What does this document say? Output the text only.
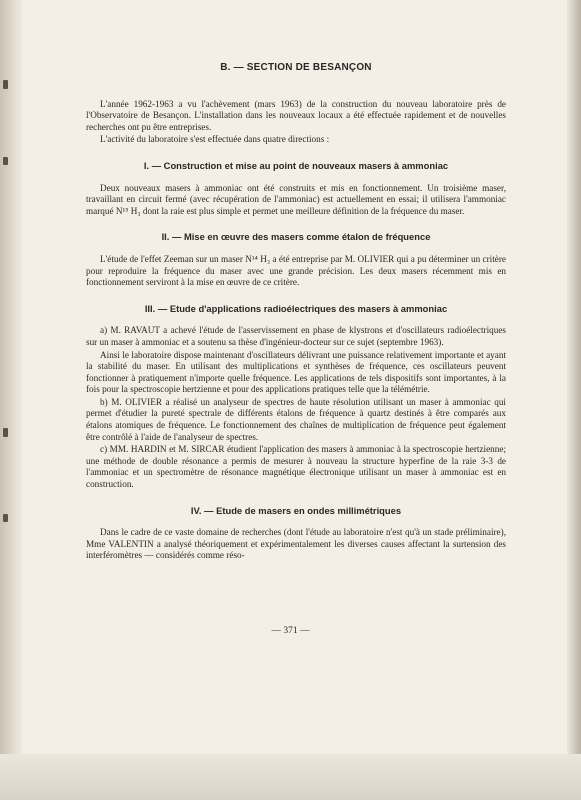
B. — SECTION DE BESANÇON

L'année 1962-1963 a vu l'achèvement (mars 1963) de la construction du nouveau laboratoire près de l'Observatoire de Besançon. L'installation dans les nouveaux locaux a été effectuée rapidement et de nouvelles recherches ont pu être entreprises.

L'activité du laboratoire s'est effectuée dans quatre directions :

I. — Construction et mise au point de nouveaux masers à ammoniac

Deux nouveaux masers à ammoniac ont été construits et mis en fonctionnement. Un troisième maser, travaillant en circuit fermé (avec récupération de l'ammoniac) est actuellement en essai; il utilisera l'ammoniac marqué N¹⁵ H₃ dont la raie est plus simple et permet une meilleure définition de la fréquence du maser.

II. — Mise en œuvre des masers comme étalon de fréquence

L'étude de l'effet Zeeman sur un maser N¹⁴ H₃ a été entreprise par M. OLIVIER qui a pu déterminer un critère pour reproduire la fréquence du maser avec une grande précision. Les deux masers récemment mis en fonctionnement serviront à la mise en œuvre de ce critère.

III. — Etude d'applications radioélectriques des masers à ammoniac

a) M. RAVAUT a achevé l'étude de l'asservissement en phase de klystrons et d'oscillateurs radioélectriques sur un maser à ammoniac et a soutenu sa thèse d'ingénieur-docteur sur ce sujet (septembre 1963).

Ainsi le laboratoire dispose maintenant d'oscillateurs délivrant une puissance relativement importante et ayant la stabilité du maser. En utilisant des multiplications et synthèses de fréquence, ces oscillateurs peuvent fonctionner à pratiquement n'importe quelle fréquence. Les applications de tels dispositifs sont importantes, à la fois pour la spectroscopie hertzienne et pour des applications pratiques telle que la télémétrie.

b) M. OLIVIER a réalisé un analyseur de spectres de haute résolution utilisant un maser à ammoniac qui permet d'étudier la pureté spectrale de différents étalons de fréquence à quartz destinés à être comparés aux étalons atomiques de fréquence. Le fonctionnement des chaînes de multiplication de fréquence peut également être contrôlé à l'aide de l'analyseur de spectres.

c) MM. HARDIN et M. SIRCAR étudient l'application des masers à ammoniac à la spectroscopie hertzienne; une méthode de double résonance a permis de mesurer à nouveau la structure hyperfine de la raie 3-3 de l'ammoniac et un spectromètre de résonance magnétique électronique utilisant un maser à ammoniac est en construction.

IV. — Etude de masers en ondes millimétriques

Dans le cadre de ce vaste domaine de recherches (dont l'étude au laboratoire n'est qu'à un stade préliminaire), Mme VALENTIN a analysé théoriquement et expérimentalement les diverses causes affectant la surtension des interféromètres — considérés comme réso-

— 371 —
